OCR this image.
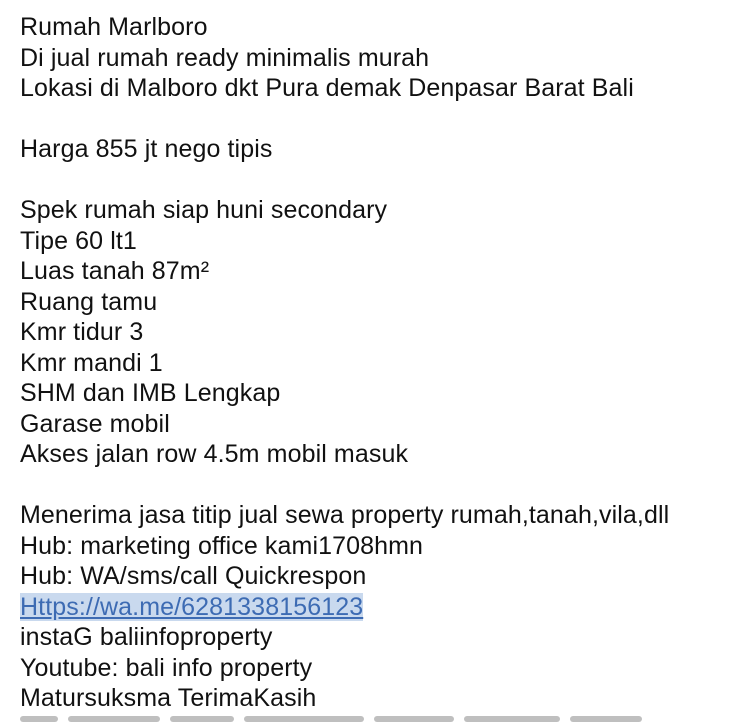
Rumah Marlboro
Di jual rumah ready minimalis murah
Lokasi di Malboro dkt Pura demak Denpasar Barat Bali
Harga 855 jt nego tipis
Spek rumah siap huni secondary
Tipe 60 lt1
Luas tanah 87m²
Ruang tamu
Kmr tidur 3
Kmr mandi 1
SHM dan IMB Lengkap
Garase mobil
Akses jalan row 4.5m mobil masuk
Menerima jasa titip jual sewa property rumah,tanah,vila,dll
Hub: marketing office kami1708hmn
Hub: WA/sms/call Quickrespon
Https://wa.me/6281338156123
instaG baliinfoproperty
Youtube: bali info property
Matursuksma TerimaKasih
